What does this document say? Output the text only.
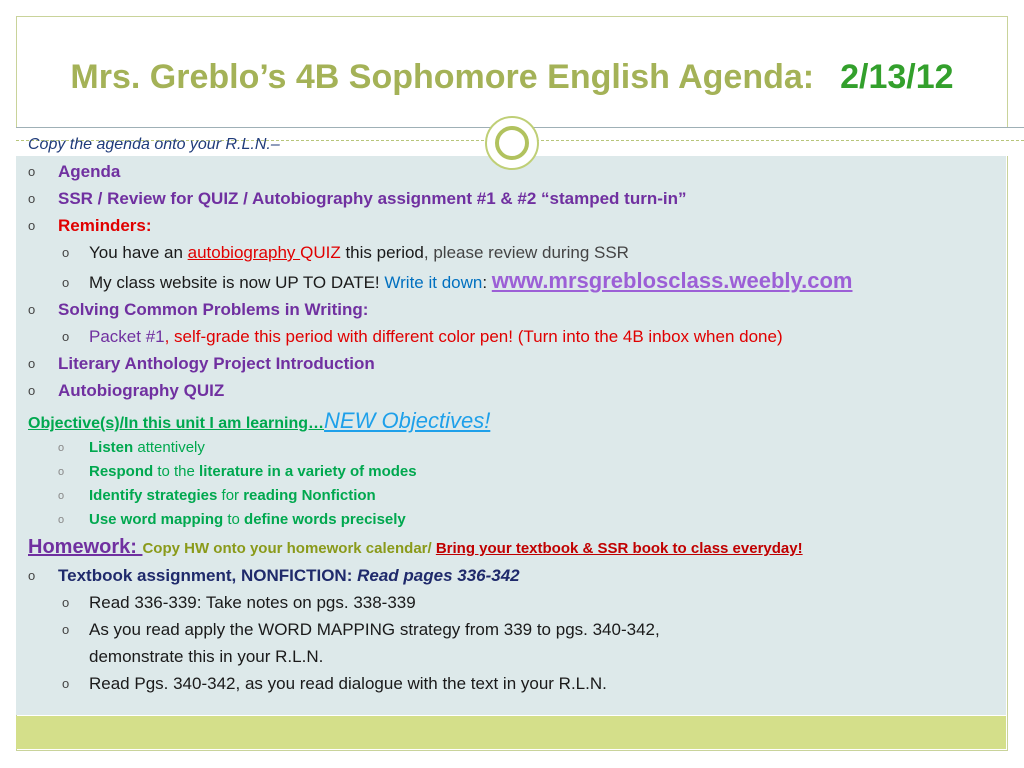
Mrs. Greblo’s 4B Sophomore English Agenda: 2/13/12
Copy the agenda onto your R.L.N.–
o Agenda
o SSR / Review for QUIZ / Autobiography assignment #1 & #2 “stamped turn-in”
o Reminders:
o You have an autobiography QUIZ this period, please review during SSR
o My class website is now UP TO DATE! Write it down: www.mrsgreblosclass.weebly.com
o Solving Common Problems in Writing:
o Packet #1, self-grade this period with different color pen! (Turn into the 4B inbox when done)
o Literary Anthology Project Introduction
o Autobiography QUIZ
Objective(s)/In this unit I am learning…NEW Objectives!
o Listen attentively
o Respond to the literature in a variety of modes
o Identify strategies for reading Nonfiction
o Use word mapping to define words precisely
Homework: Copy HW onto your homework calendar/ Bring your textbook & SSR book to class everyday!
o Textbook assignment, NONFICTION: Read pages 336-342
o Read 336-339: Take notes on pgs. 338-339
o As you read apply the WORD MAPPING strategy from 339 to pgs. 340-342,
demonstrate this in your R.L.N.
o Read Pgs. 340-342, as you read dialogue with the text in your R.L.N.
